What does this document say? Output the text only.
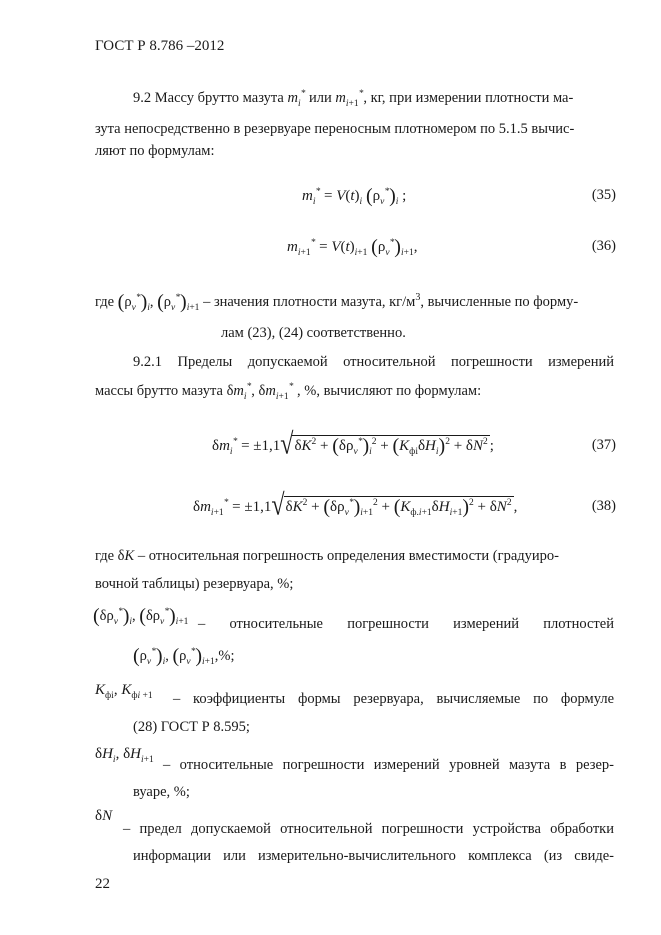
ГОСТ Р 8.786 –2012
9.2 Массу брутто мазута $m_i^*$ или $m_{i+1}^*$, кг, при измерении плотности ма-
зута непосредственно в резервуаре переносным плотномером по 5.1.5 вычис-
ляют по формулам:
$m_i^* = V(t)_i$ $(\rho_v^*)_i$ ;	(35)
$m_{i+1}^* = V(t)_{i+1}$ $(\rho_v^*)_{i+1}$,	(36)
где $(\rho_v^*)_i$, $(\rho_v^*)_{i+1}$ – значения плотности мазута, $кг/м^3$, вычисленные по форму-
лам (23), (24) соответственно.
9.2.1 Пределы допускаемой относительной погрешности измерений
массы брутто мазута $\delta m_i^*$, $\delta m_{i+1}^*$ , %, вычисляют по формулам:
$\delta m_i^* = \pm 1,1√\delta K^2 + (\delta\rho_v^*)_i^2 + (K_{фi}\delta H_i)^2 + \delta N^2$ ;	(37)
$\delta m_{i+1}^* = \pm 1,1√\delta K^2 + (\delta\rho_v^*)_{i+1}^2 + (K_{ф.i+1}\delta H_{i+1})^2 + \delta N^2$ ,	(38)
где δK – относительная погрешность определения вместимости (градуиро-
вочной таблицы) резервуара, %;
$(\delta\rho_v^*)_i$, $(\delta\rho_v^*)_{i+1}$ – относительные погрешности измерений плотностей
$(\rho_v^*)_i$, $(\rho_v^*)_{i+1},\%$;
$K_{фi}$, $K_{фi}$ $_{+1}$ – коэффициенты формы резервуара, вычисляемые по формуле
(28) ГОСТ Р 8.595;
$\delta H_i$, $\delta H_{i+1}$ – относительные погрешности измерений уровней мазута в резер-
вуаре, %;
δN
– предел допускаемой относительной погрешности устройства обработки
информации или измерительно-вычислительного комплекса (из свиде-
22
